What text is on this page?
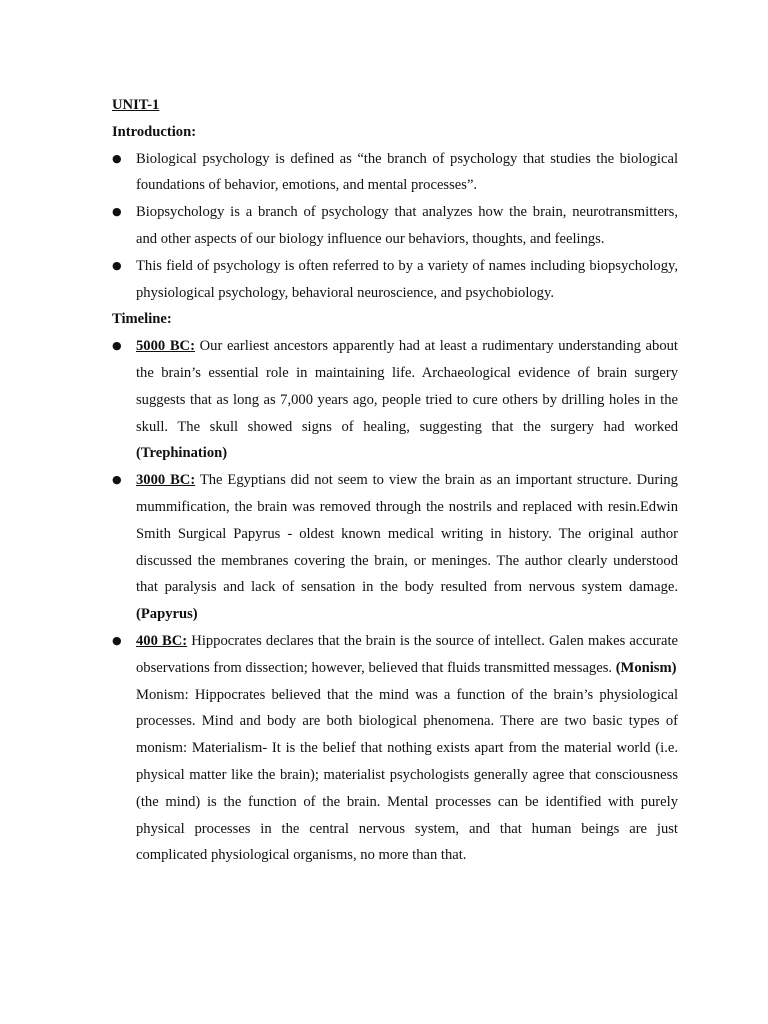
UNIT-1
Introduction:
● Biological psychology is defined as “the branch of psychology that studies the biological foundations of behavior, emotions, and mental processes”.
● Biopsychology is a branch of psychology that analyzes how the brain, neurotransmitters, and other aspects of our biology influence our behaviors, thoughts, and feelings.
● This field of psychology is often referred to by a variety of names including biopsychology, physiological psychology, behavioral neuroscience, and psychobiology.
Timeline:
● 5000 BC: Our earliest ancestors apparently had at least a rudimentary understanding about the brain’s essential role in maintaining life. Archaeological evidence of brain surgery suggests that as long as 7,000 years ago, people tried to cure others by drilling holes in the skull. The skull showed signs of healing, suggesting that the surgery had worked (Trephination)
● 3000 BC: The Egyptians did not seem to view the brain as an important structure. During mummification, the brain was removed through the nostrils and replaced with resin.Edwin Smith Surgical Papyrus - oldest known medical writing in history. The original author discussed the membranes covering the brain, or meninges. The author clearly understood that paralysis and lack of sensation in the body resulted from nervous system damage. (Papyrus)
● 400 BC: Hippocrates declares that the brain is the source of intellect. Galen makes accurate observations from dissection; however, believed that fluids transmitted messages. (Monism)
Monism: Hippocrates believed that the mind was a function of the brain’s physiological processes. Mind and body are both biological phenomena. There are two basic types of monism: Materialism- It is the belief that nothing exists apart from the material world (i.e. physical matter like the brain); materialist psychologists generally agree that consciousness (the mind) is the function of the brain. Mental processes can be identified with purely physical processes in the central nervous system, and that human beings are just complicated physiological organisms, no more than that.
